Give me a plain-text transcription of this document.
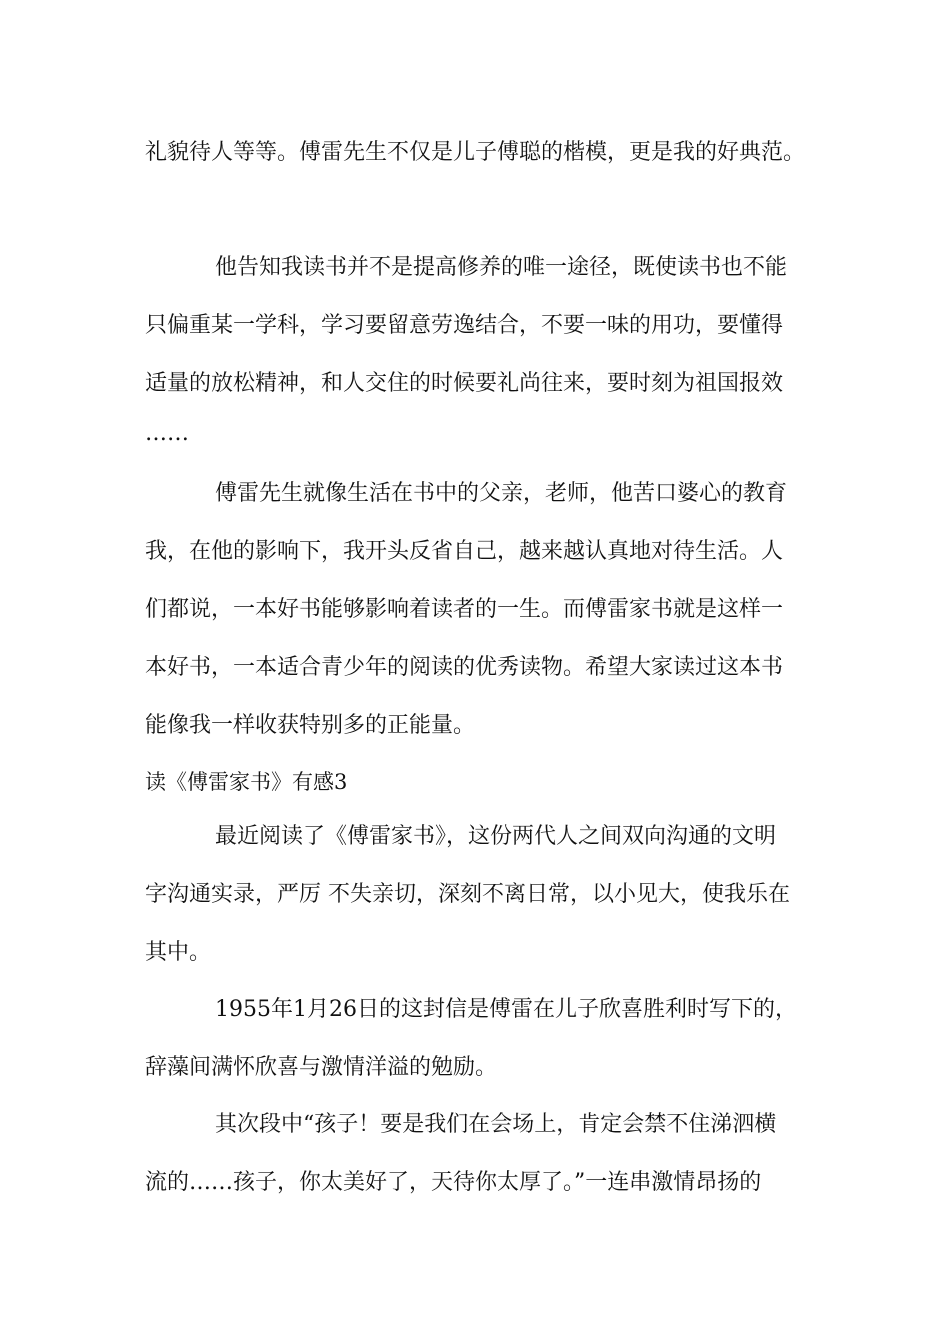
礼貌待人等等。傅雷先生不仅是儿子傅聪的楷模，更是我的好典范。
他告知我读书并不是提高修养的唯一途径，既使读书也不能
只偏重某一学科，学习要留意劳逸结合，不要一味的用功，要懂得
适量的放松精神，和人交住的时候要礼尚往来，要时刻为祖国报效
……
傅雷先生就像生活在书中的父亲，老师，他苦口婆心的教育
我，在他的影响下，我开头反省自己，越来越认真地对待生活。人
们都说，一本好书能够影响着读者的一生。而傅雷家书就是这样一
本好书，一本适合青少年的阅读的优秀读物。希望大家读过这本书
能像我一样收获特别多的正能量。
读《傅雷家书》有感3
最近阅读了《傅雷家书》，这份两代人之间双向沟通的文明
字沟通实录，严厉 不失亲切，深刻不离日常，以小见大，使我乐在
其中。
1955年1月26日的这封信是傅雷在儿子欣喜胜利时写下的，
辞藻间满怀欣喜与激情洋溢的勉励。
其次段中“孩子！要是我们在会场上，肯定会禁不住涕泗横
流的……孩子，你太美好了，天待你太厚了。”一连串激情昂扬的
